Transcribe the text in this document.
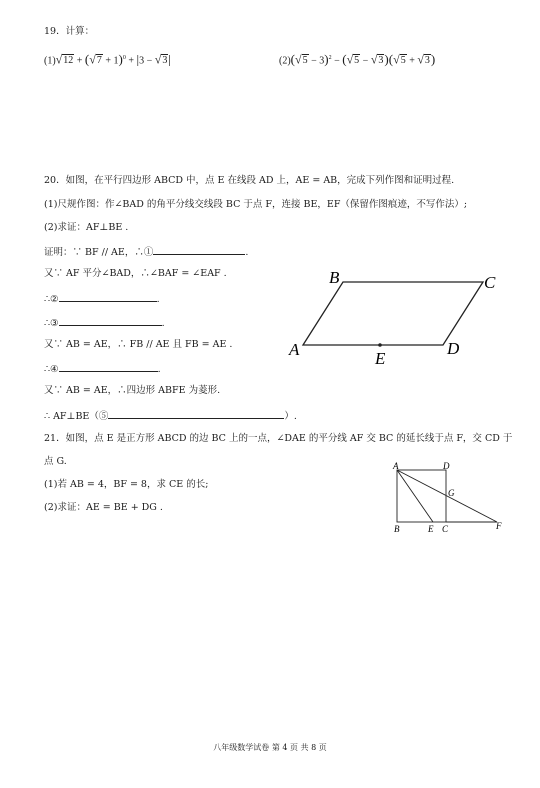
19．计算：
$(1)√12 + (√7 + 1)^0 + |3 - √3|$	$(2)(√5 - 3)^2 - (√5 - √3)(√5 + √3)$
20．如图，在平行四边形 ABCD 中，点 E 在线段 AD 上，AE = AB，完成下列作图和证明过程.
(1)尺规作图：作∠BAD 的角平分线交线段 BC 于点 F，连接 BE，EF（保留作图痕迹，不写作法）;
(2)求证：AF⊥BE .
证明：∵ BF // AE，∴①	.
又∵ AF 平分∠BAD，∴∠BAF = ∠EAF .
∴②	.
∴③	.
又∵ AB = AE，∴ FB // AE 且 FB = AE .
∴④	.
又∵ AB = AE，∴四边形 ABFE 为菱形.
∴ AF⊥BE（⑤	）.
B	C
A	D
E
21．如图，点 E 是正方形 ABCD 的边 BC 上的一点，∠DAE 的平分线 AF 交 BC 的延长线于点 F，交 CD 于
点 G.
(1)若 AB = 4，BF = 8，求 CE 的长;
(2)求证：AE = BE + DG .
A	D
G
B	E C	F
八年级数学试卷 第 4 页 共 8 页
